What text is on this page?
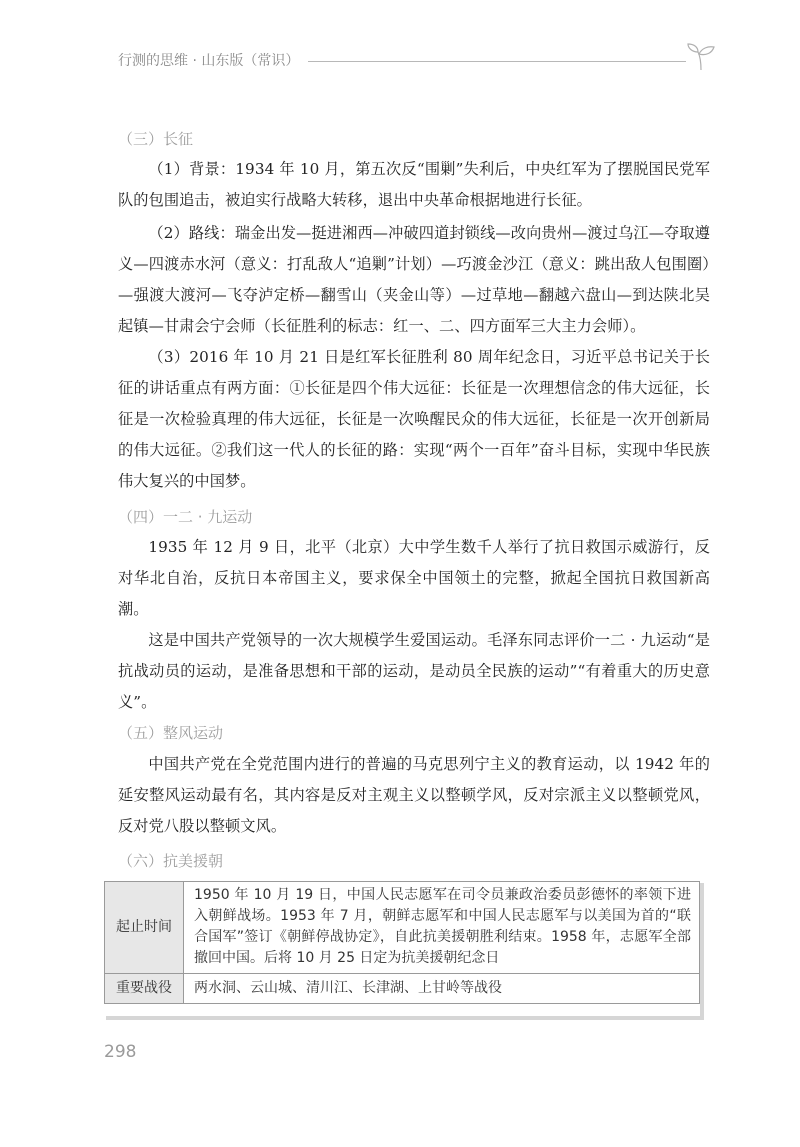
行测的思维 · 山东版（常识）
（三）长征

（1）背景：1934 年 10 月，第五次反“围剿”失利后，中央红军为了摆脱国民党军队的包围追击，被迫实行战略大转移，退出中央革命根据地进行长征。

（2）路线：瑞金出发—挺进湘西—冲破四道封锁线—改向贵州—渡过乌江—夺取遵义—四渡赤水河（意义：打乱敌人“追剿”计划）—巧渡金沙江（意义：跳出敌人包围圈）—强渡大渡河—飞夺泸定桥—翻雪山（夹金山等）—过草地—翻越六盘山—到达陕北吴起镇—甘肃会宁会师（长征胜利的标志：红一、二、四方面军三大主力会师）。

（3）2016 年 10 月 21 日是红军长征胜利 80 周年纪念日，习近平总书记关于长征的讲话重点有两方面：①长征是四个伟大远征：长征是一次理想信念的伟大远征，长征是一次检验真理的伟大远征，长征是一次唤醒民众的伟大远征，长征是一次开创新局的伟大远征。②我们这一代人的长征的路：实现“两个一百年”奋斗目标，实现中华民族伟大复兴的中国梦。

（四）一二 · 九运动

1935 年 12 月 9 日，北平（北京）大中学生数千人举行了抗日救国示威游行，反对华北自治，反抗日本帝国主义，要求保全中国领土的完整，掀起全国抗日救国新高潮。

这是中国共产党领导的一次大规模学生爱国运动。毛泽东同志评价一二 · 九运动“是抗战动员的运动，是准备思想和干部的运动，是动员全民族的运动”“有着重大的历史意义”。

（五）整风运动

中国共产党在全党范围内进行的普遍的马克思列宁主义的教育运动，以 1942 年的延安整风运动最有名，其内容是反对主观主义以整顿学风，反对宗派主义以整顿党风，反对党八股以整顿文风。

（六）抗美援朝
起止时间	1950 年 10 月 19 日，中国人民志愿军在司令员兼政治委员彭德怀的率领下进入朝鲜战场。1953 年 7 月，朝鲜志愿军和中国人民志愿军与以美国为首的“联合国军”签订《朝鲜停战协定》，自此抗美援朝胜利结束。1958 年，志愿军全部撤回中国。后将 10 月 25 日定为抗美援朝纪念日
重要战役	两水洞、云山城、清川江、长津湖、上甘岭等战役
298
